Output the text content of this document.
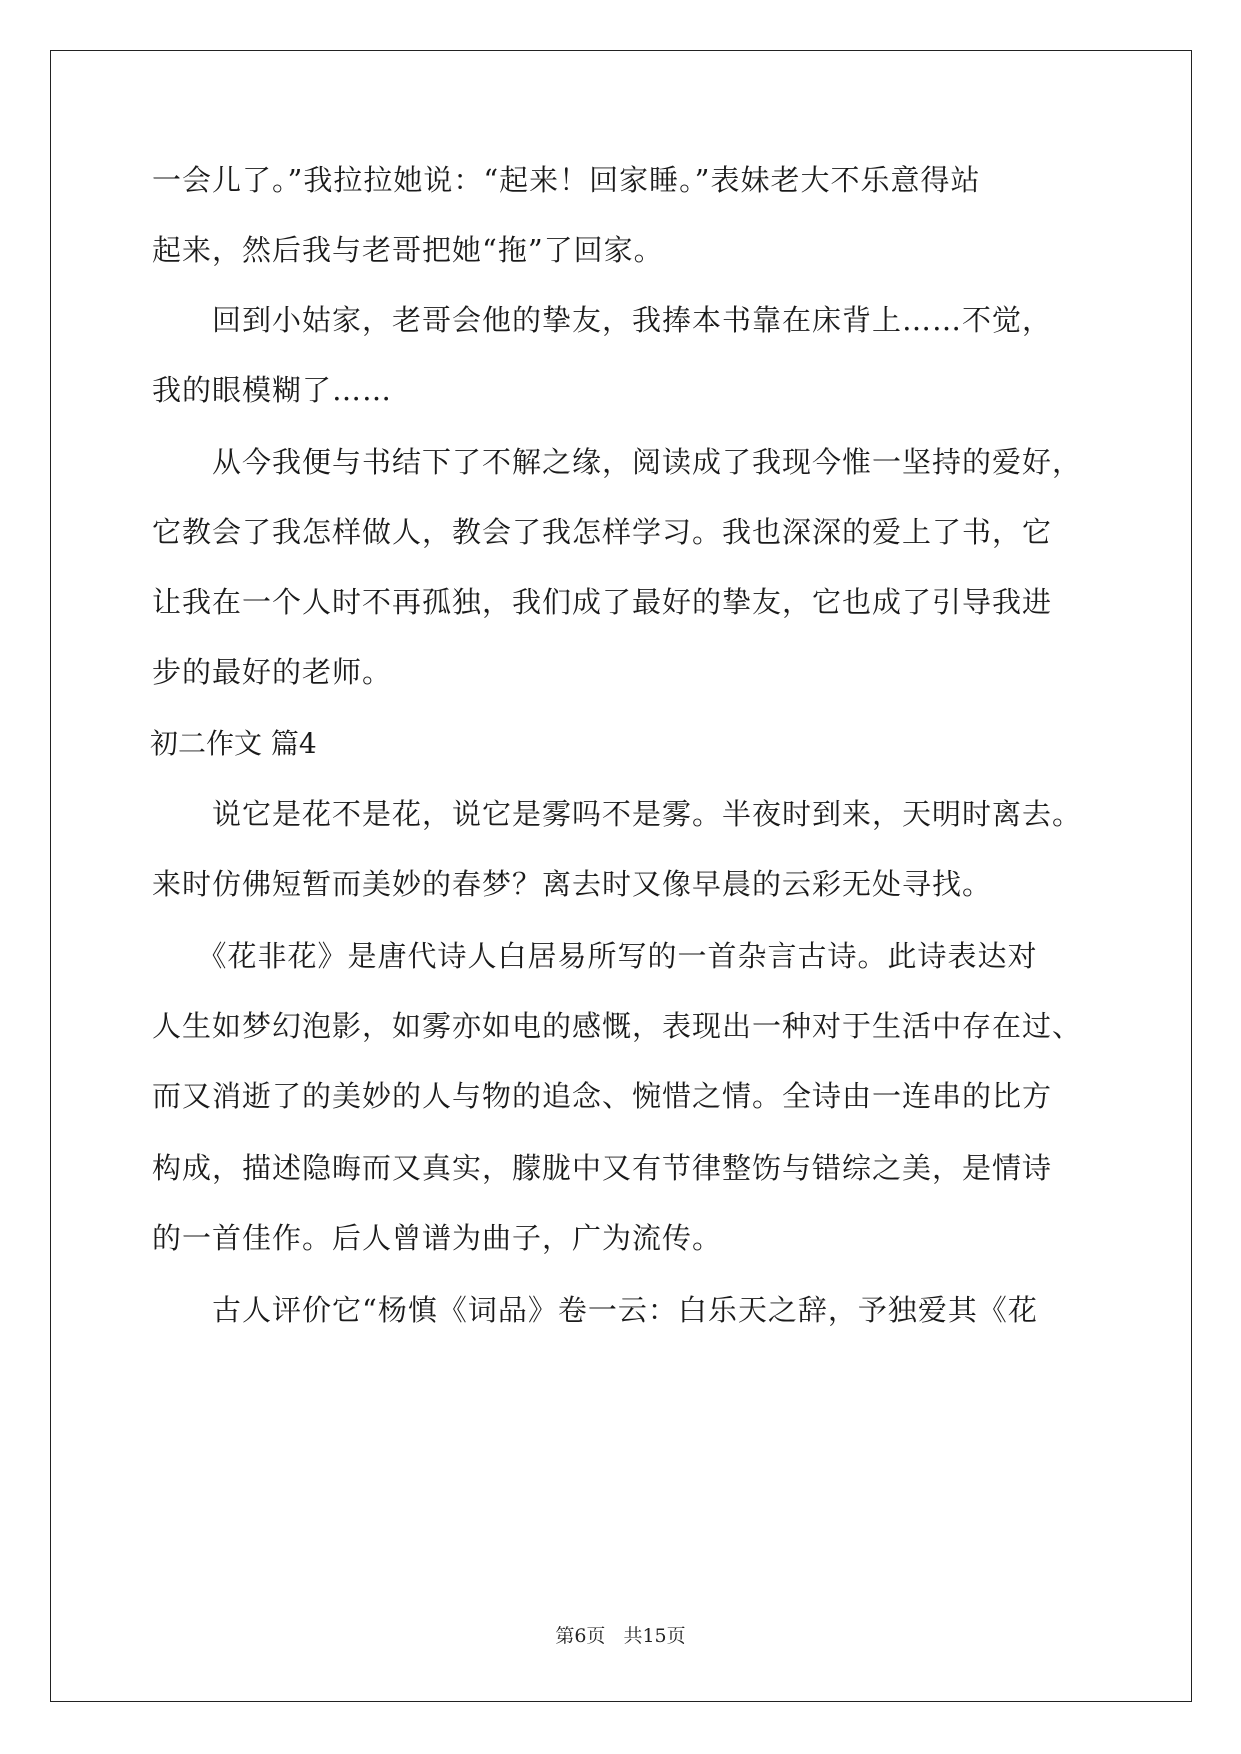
一会儿了。”我拉拉她说：“起来！回家睡。”表妹老大不乐意得站
起来，然后我与老哥把她“拖”了回家。
　　回到小姑家，老哥会他的挚友，我捧本书靠在床背上……不觉，
我的眼模糊了……
　　从今我便与书结下了不解之缘，阅读成了我现今惟一坚持的爱好，
它教会了我怎样做人，教会了我怎样学习。我也深深的爱上了书，它
让我在一个人时不再孤独，我们成了最好的挚友，它也成了引导我进
步的最好的老师。
初二作文 篇4
　　说它是花不是花，说它是雾吗不是雾。半夜时到来，天明时离去。
来时仿佛短暂而美妙的春梦？离去时又像早晨的云彩无处寻找。
　　《花非花》是唐代诗人白居易所写的一首杂言古诗。此诗表达对
人生如梦幻泡影，如雾亦如电的感慨，表现出一种对于生活中存在过、
而又消逝了的美妙的人与物的追念、惋惜之情。全诗由一连串的比方
构成，描述隐晦而又真实，朦胧中又有节律整饬与错综之美，是情诗
的一首佳作。后人曾谱为曲子，广为流传。
　　古人评价它“杨慎《词品》卷一云：白乐天之辞，予独爱其《花
第6页 共15页
